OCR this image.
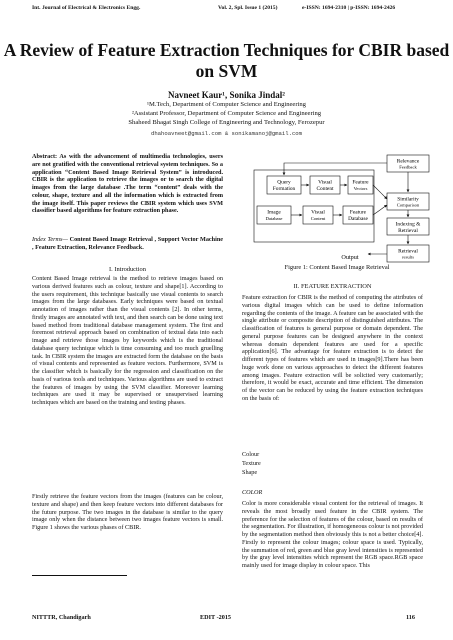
Int. Journal of Electrical & Electronics Engg.	Vol. 2, Spl. Issue 1 (2015)	e-ISSN: 1694-2310 | p-ISSN: 1694-2426
A Review of Feature Extraction Techniques for CBIR based on SVM
Navneet Kaur¹, Sonika Jindal²
¹M.Tech, Department of Computer Science and Engineering
²Assistant Professor, Department of Computer Science and Engineering
Shaheed Bhagat Singh College of Engineering and Technology, Ferozepur
dhahoavneet@gmail.com & sonikamanoj@gmail.com
Abstract: As with the advancement of multimedia technologies, users are not gratified with the conventional retrieval system techniques. So a application “Content Based Image Retrieval System” is introduced. CBIR is the application to retrieve the images or to search the digital images from the large database .The term “content” deals with the colour, shape, texture and all the information which is extracted from the image itself. This paper reviews the CBIR system which uses SVM classifier based algorithms for feature extraction phase.
Index Terms— Content Based Image Retrieval , Support Vector Machine , Feature Extraction, Relevance Feedback.
I. Introduction
Content Based Image retrieval is the method to retrieve images based on various derived features such as colour, texture and shape[1]. According to the users requirement, this technique basically use visual contents to search images from the large databases. Early techniques were based on textual annotation of images rather than the visual contents [2]. In other terms, firstly images are annotated with text, and then search can be done using text based method from traditional database management system. The first and foremost retrieval approach based on combination of textual data into each image and retrieve those images by keywords which is the traditional database query technique which is time consuming and too much gruelling task. In CBIR system the images are extracted form the database on the basis of visual contents and represented as feature vectors. Furthermore, SVM is the classifier which is basically for the regression and classification on the basis of various tools and techniques. Various algorithms are used to extract the features of images by using the SVM classifier. Moreover learning techniques are used it may be supervised or unsupervised learning techniques which are based on the training and testing phases.
Firstly retrieve the feature vectors from the images (features can be colour, texture and shape) and then keep feature vectors into different databases for the future purpose. The two images in the database is similar to the query image only when the distance between two images feature vectors is small. Figure 1 shows the various phases of CBIR.
Query
Formation
Visual
Content
Feature
Vectors
Image
Database
Visual
Content
Feature
Database
Relevance
Feedback
Similarity
Comparison
Indexing &
Retrieval
Retrieval
results
Output
Figure 1: Content Based Image Retrieval
II. FEATURE EXTRACTION
Feature extraction for CBIR is the method of computing the attributes of various digital images which can be used to define information regarding the contents of the image. A feature can be associated with the single attribute or composite description of distinguished attributes. The classification of features is general purpose or domain dependent. The general purpose features can be designed anywhere in the context whereas domain dependent features are used for a specific application[6]. The advantage for feature extraction is to detect the different types of features which are used in images[9].There has been huge work done on various approaches to detect the different features among images. Feature extraction will be solicited very customarily; therefore, it would be exact, accurate and time efficient. The dimension of the vector can be reduced by using the feature extraction techniques on the basis of:
Colour
Texture
Shape
COLOR
Color is more considerable visual content for the retrieval of images. It reveals the most broadly used feature in the CBIR system. The preference for the selection of features of the colour, based on results of the segmentation. For illustration, if homogeneous colour is not provided by the segmentation method then obviously this is not a better choice[4]. Firstly to represent the colour images; colour space is used. Typically, the summation of red, green and blue gray level intensities is represented by the gray level intensities which represent the RGB space.RGB space mainly used for image display in colour space. This
NITTTR, Chandigarh	EDIT -2015	116
